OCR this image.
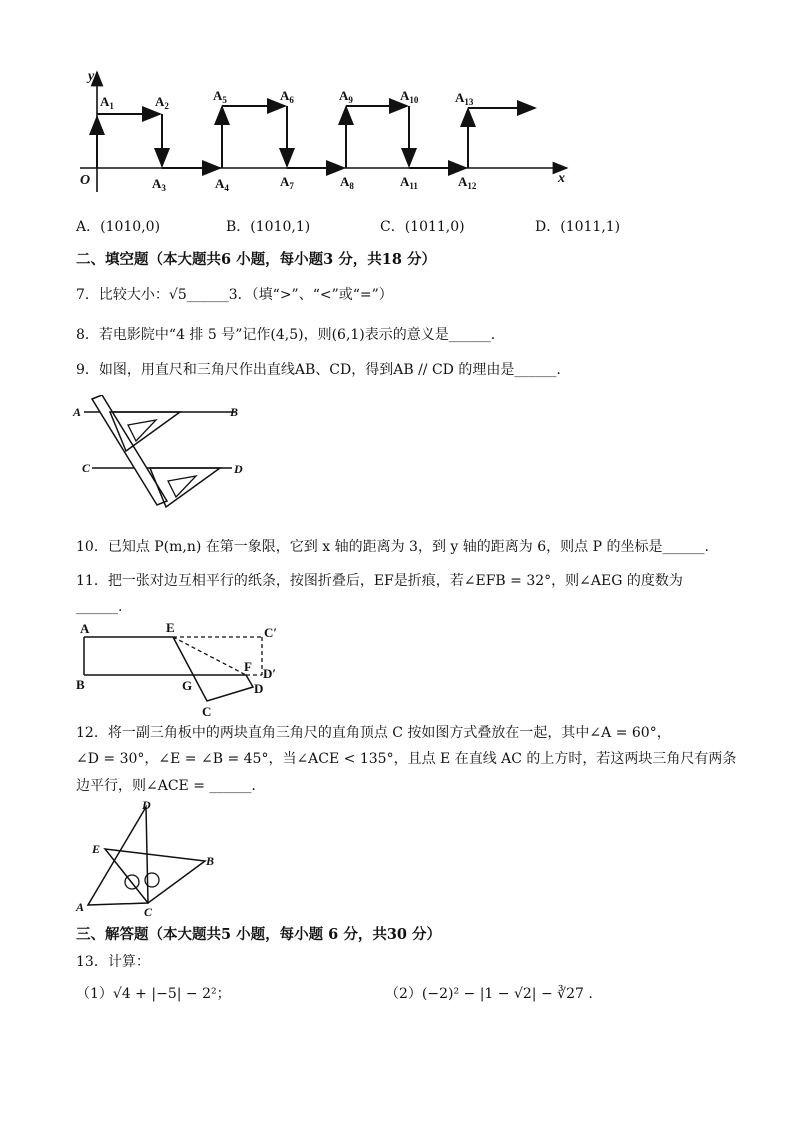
y
x
O
$A_1$	$A_2$
$A_3$	$A_4$
$A_5$	$A_6$
$A_7$	$A_8$
$A_9$	$A_{10}$
$A_{11}$	$A_{12}$
$A_{13}$
A．(1010,0)	B．(1010,1)	C．(1011,0)	D．(1011,1)
二、填空题（本大题共6 小题，每小题3 分，共18 分）
7．比较大小：√5______3．（填“>”、“<”或“=”）
8．若电影院中“4 排 5 号”记作(4,5)，则(6,1)表示的意义是______.
9．如图，用直尺和三角尺作出直线AB、CD，得到AB // CD 的理由是______.
A	B
C	D
10．已知点 P(m,n) 在第一象限，它到 x 轴的距离为 3，到 y 轴的距离为 6，则点 P 的坐标是______.
11．把一张对边互相平行的纸条，按图折叠后，EF是折痕，若∠EFB = 32°，则∠AEG 的度数为
______.
A	E	C′
F D′
B	G	D
C
12．将一副三角板中的两块直角三角尺的直角顶点 C 按如图方式叠放在一起，其中∠A = 60°，
∠D = 30°，∠E = ∠B = 45°，当∠ACE < 135°，且点 E 在直线 AC 的上方时，若这两块三角尺有两条
边平行，则∠ACE = ______.
D
E
B
A	C
三、解答题（本大题共5 小题，每小题 6 分，共30 分）
13．计算：
（1）√4 + |−5| − 2²；	（2）(−2)² − |1 − √2| − ∛27 .
